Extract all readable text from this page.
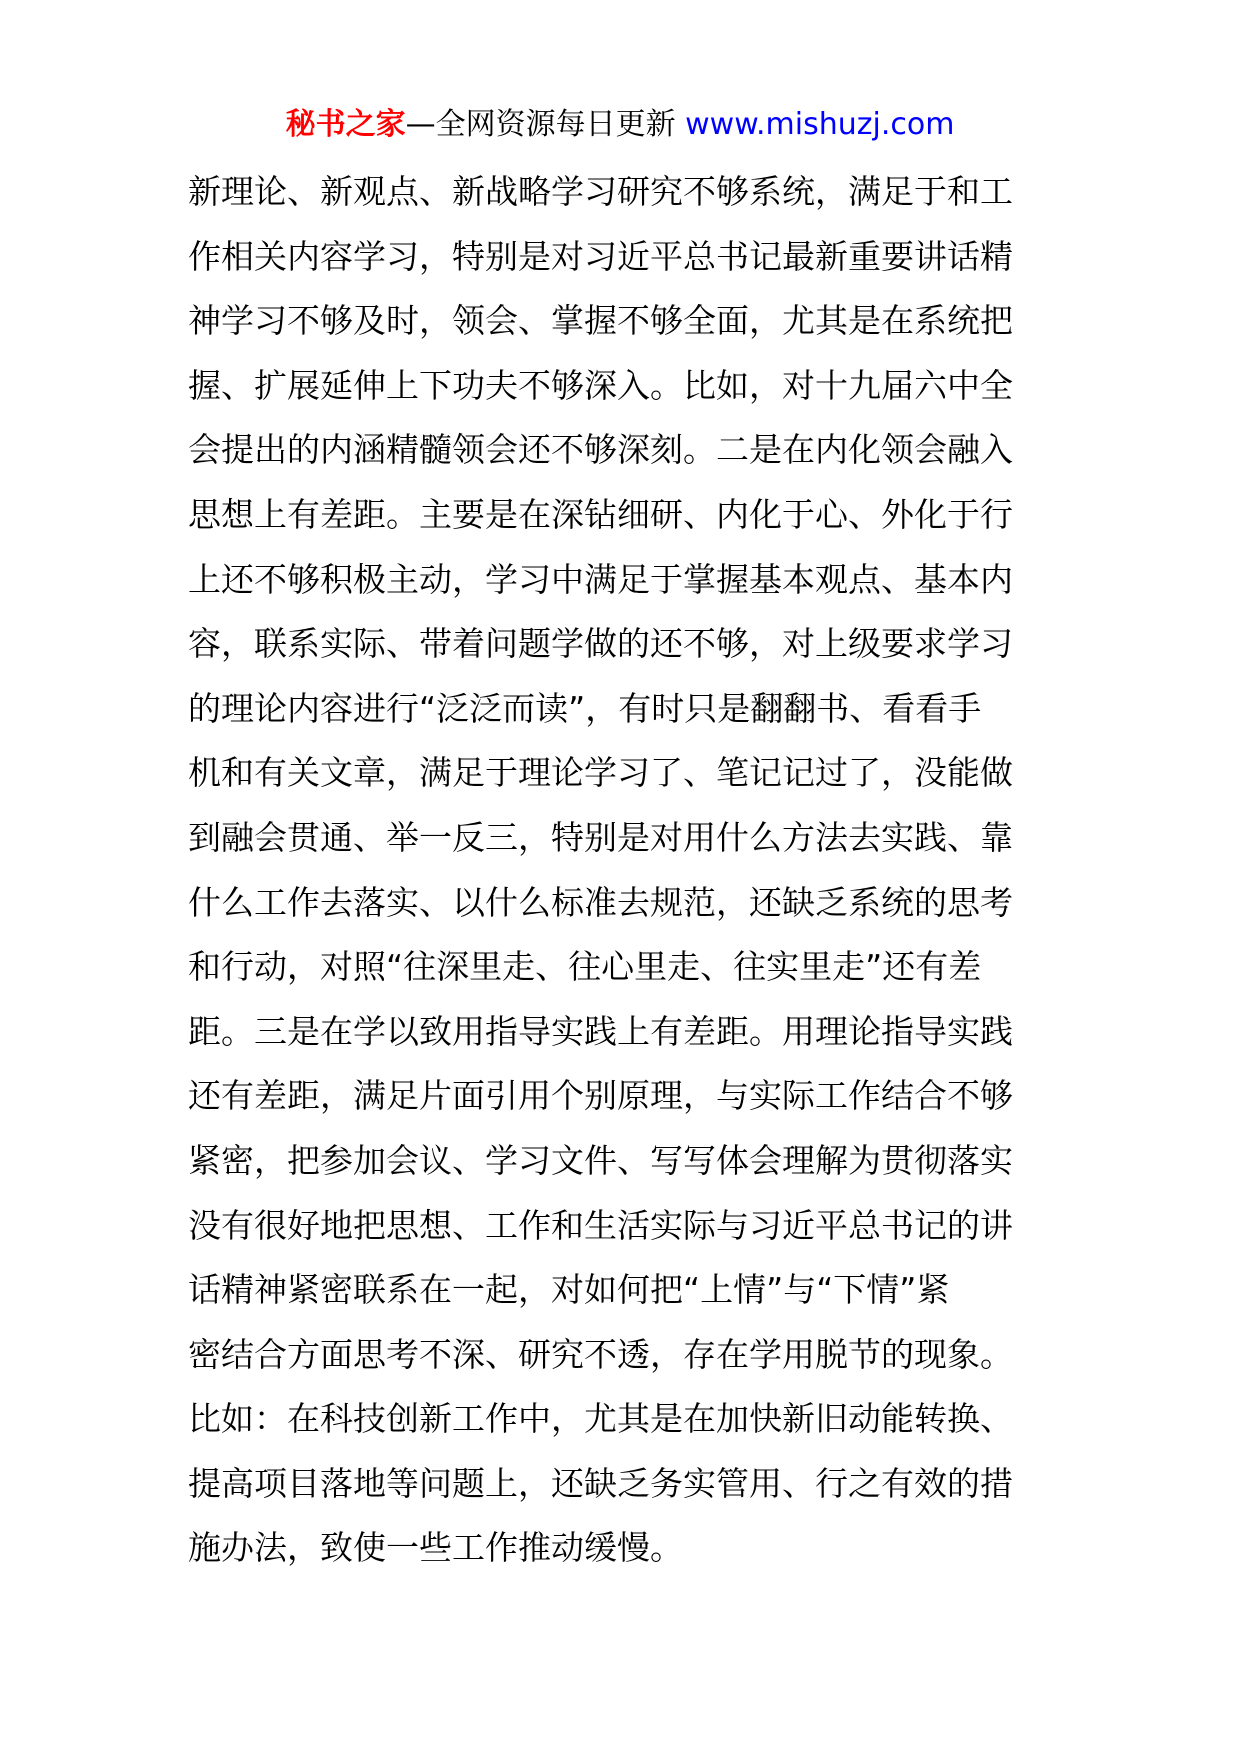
秘书之家—全网资源每日更新 www.mishuzj.com
新理论、新观点、新战略学习研究不够系统，满足于和工
作相关内容学习，特别是对习近平总书记最新重要讲话精
神学习不够及时，领会、掌握不够全面，尤其是在系统把
握、扩展延伸上下功夫不够深入。比如，对十九届六中全
会提出的内涵精髓领会还不够深刻。二是在内化领会融入
思想上有差距。主要是在深钻细研、内化于心、外化于行
上还不够积极主动，学习中满足于掌握基本观点、基本内
容，联系实际、带着问题学做的还不够，对上级要求学习
的理论内容进行“泛泛而读”，有时只是翻翻书、看看手
机和有关文章，满足于理论学习了、笔记记过了，没能做
到融会贯通、举一反三，特别是对用什么方法去实践、靠
什么工作去落实、以什么标准去规范，还缺乏系统的思考
和行动，对照“往深里走、往心里走、往实里走”还有差
距。三是在学以致用指导实践上有差距。用理论指导实践
还有差距，满足片面引用个别原理，与实际工作结合不够
紧密，把参加会议、学习文件、写写体会理解为贯彻落实
没有很好地把思想、工作和生活实际与习近平总书记的讲
话精神紧密联系在一起，对如何把“上情”与“下情”紧
密结合方面思考不深、研究不透，存在学用脱节的现象。
比如：在科技创新工作中，尤其是在加快新旧动能转换、
提高项目落地等问题上，还缺乏务实管用、行之有效的措
施办法，致使一些工作推动缓慢。
